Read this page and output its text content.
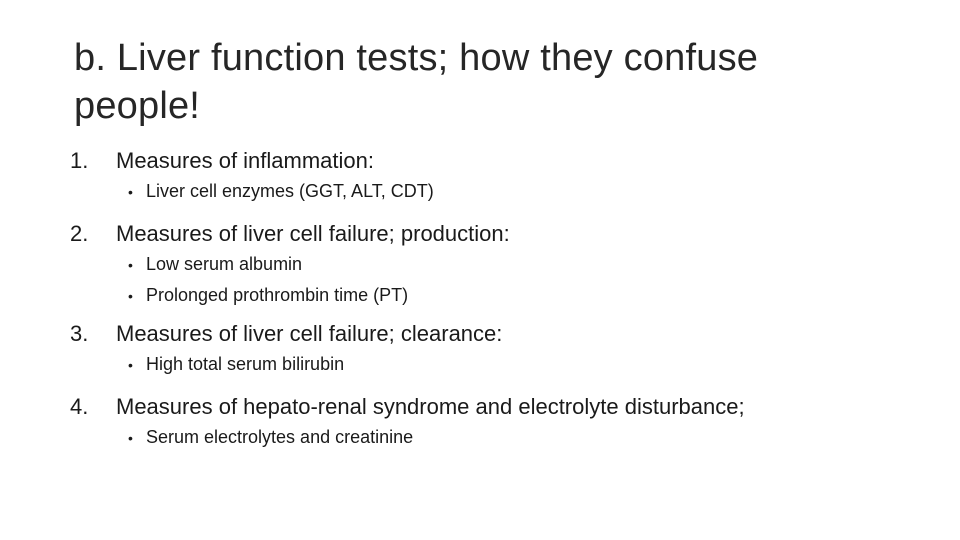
b. Liver function tests; how they confuse people!
1.	Measures of inflammation:
• Liver cell enzymes (GGT, ALT, CDT)
2.	Measures of liver cell failure; production:
• Low serum albumin
• Prolonged prothrombin time (PT)
3.	Measures of liver cell failure; clearance:
• High total serum bilirubin
4.	Measures of hepato-renal syndrome and electrolyte disturbance;
• Serum electrolytes and creatinine
